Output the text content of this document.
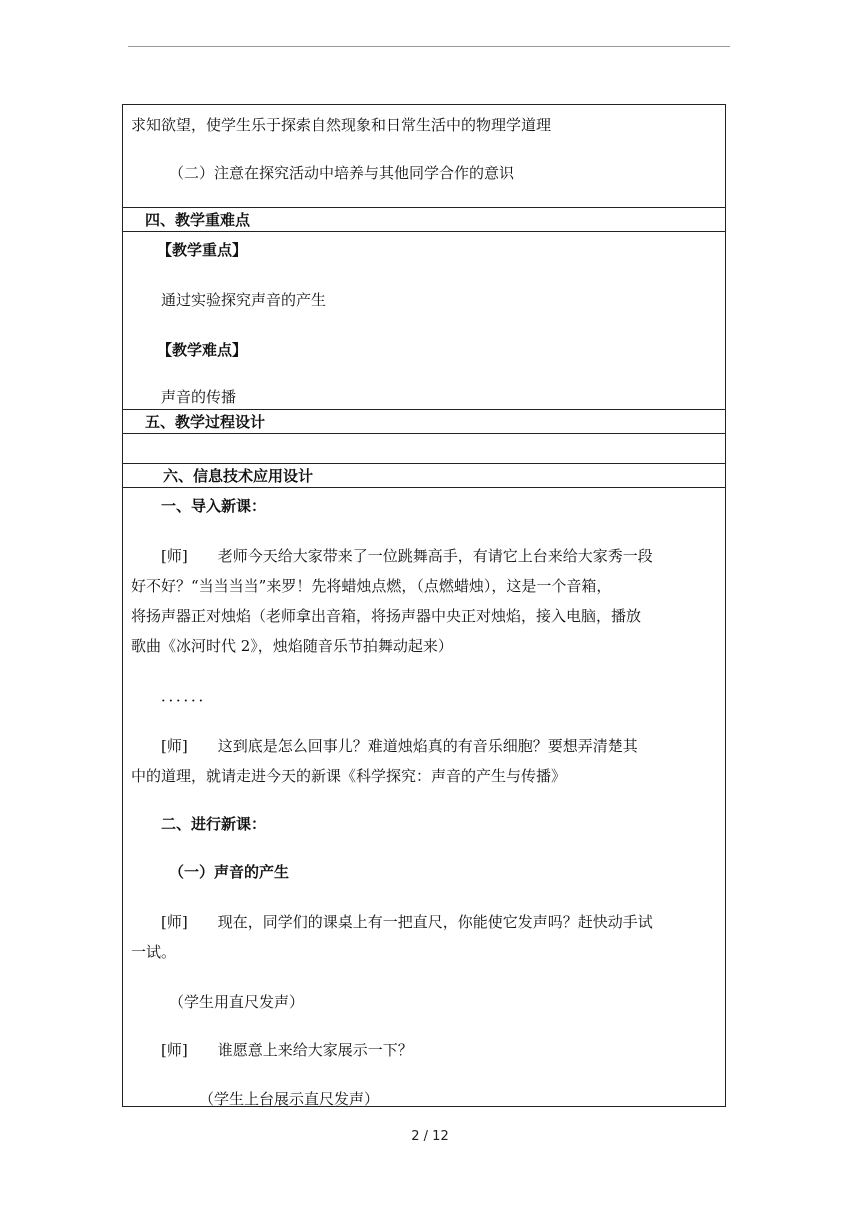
求知欲望，使学生乐于探索自然现象和日常生活中的物理学道理
（二）注意在探究活动中培养与其他同学合作的意识
四、教学重难点
【教学重点】
通过实验探究声音的产生
【教学难点】
声音的传播
五、教学过程设计
六、信息技术应用设计
一、导入新课：
[师]　　老师今天给大家带来了一位跳舞高手，有请它上台来给大家秀一段
好不好？“当当当当”来罗！先将蜡烛点燃，（点燃蜡烛），这是一个音箱，
将扬声器正对烛焰（老师拿出音箱，将扬声器中央正对烛焰，接入电脑，播放
歌曲《冰河时代 2》，烛焰随音乐节拍舞动起来）
．．．．．．
[师]　　这到底是怎么回事儿？难道烛焰真的有音乐细胞？要想弄清楚其
中的道理，就请走进今天的新课《科学探究：声音的产生与传播》
二、进行新课：
（一）声音的产生
[师]　　现在，同学们的课桌上有一把直尺，你能使它发声吗？赶快动手试
一试。
（学生用直尺发声）
[师]　　谁愿意上来给大家展示一下？
（学生上台展示直尺发声）
2 / 12
